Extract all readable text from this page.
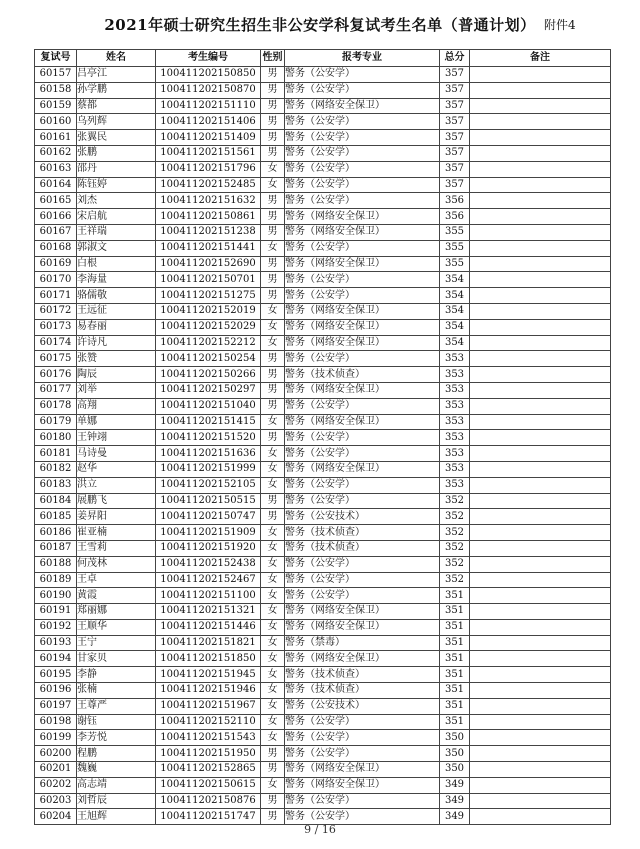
2021年硕士研究生招生非公安学科复试考生名单（普通计划） 附件4
复试号	姓名	考生编号	性别	报考专业	总分	备注
60157	吕亭江	100411202150850	男	警务（公安学）	357	
60158	孙学鹏	100411202150870	男	警务（公安学）	357	
60159	蔡都	100411202151110	男	警务（网络安全保卫）	357	
60160	乌列辉	100411202151406	男	警务（公安学）	357	
60161	张翼民	100411202151409	男	警务（公安学）	357	
60162	张鹏	100411202151561	男	警务（公安学）	357	
60163	邵丹	100411202151796	女	警务（公安学）	357	
60164	陈钰婷	100411202152485	女	警务（公安学）	357	
60165	刘杰	100411202151632	男	警务（公安学）	356	
60166	宋启航	100411202150861	男	警务（网络安全保卫）	356	
60167	王祥瑞	100411202151238	男	警务（网络安全保卫）	355	
60168	郭淑文	100411202151441	女	警务（公安学）	355	
60169	白根	100411202152690	男	警务（网络安全保卫）	355	
60170	李海量	100411202150701	男	警务（公安学）	354	
60171	骆儒敬	100411202151275	男	警务（公安学）	354	
60172	王远征	100411202152019	女	警务（网络安全保卫）	354	
60173	易春丽	100411202152029	女	警务（网络安全保卫）	354	
60174	许诗凡	100411202152212	女	警务（网络安全保卫）	354	
60175	张赞	100411202150254	男	警务（公安学）	353	
60176	陶辰	100411202150266	男	警务（技术侦查）	353	
60177	刘举	100411202150297	男	警务（网络安全保卫）	353	
60178	高翔	100411202151040	男	警务（公安学）	353	
60179	单娜	100411202151415	女	警务（网络安全保卫）	353	
60180	王钟翊	100411202151520	男	警务（公安学）	353	
60181	马诗曼	100411202151636	女	警务（公安学）	353	
60182	赵华	100411202151999	女	警务（网络安全保卫）	353	
60183	洪立	100411202152105	女	警务（公安学）	353	
60184	展鹏飞	100411202150515	男	警务（公安学）	352	
60185	姜昇阳	100411202150747	男	警务（公安技术）	352	
60186	崔亚楠	100411202151909	女	警务（技术侦查）	352	
60187	王雪莉	100411202151920	女	警务（技术侦查）	352	
60188	何茂林	100411202152438	女	警务（公安学）	352	
60189	王卓	100411202152467	女	警务（公安学）	352	
60190	黄霞	100411202151100	女	警务（公安学）	351	
60191	郑丽娜	100411202151321	女	警务（网络安全保卫）	351	
60192	王顺华	100411202151446	女	警务（网络安全保卫）	351	
60193	王宁	100411202151821	女	警务（禁毒）	351	
60194	甘家贝	100411202151850	女	警务（网络安全保卫）	351	
60195	李静	100411202151945	女	警务（技术侦查）	351	
60196	张楠	100411202151946	女	警务（技术侦查）	351	
60197	王尊严	100411202151967	女	警务（公安技术）	351	
60198	谢钰	100411202152110	女	警务（公安学）	351	
60199	李芳悦	100411202151543	女	警务（公安学）	350	
60200	程鹏	100411202151950	男	警务（公安学）	350	
60201	魏巍	100411202152865	男	警务（网络安全保卫）	350	
60202	高志靖	100411202150615	女	警务（网络安全保卫）	349	
60203	刘哲辰	100411202150876	男	警务（公安学）	349	
60204	王旭辉	100411202151747	男	警务（公安学）	349	
9 / 16
